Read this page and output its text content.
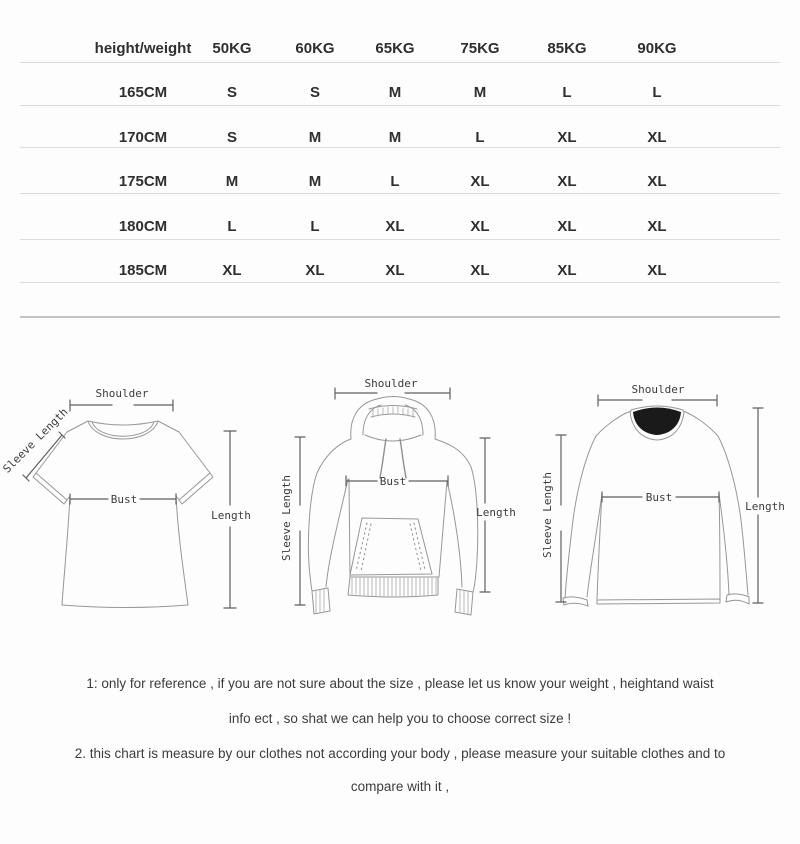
height/weight 50KG	60KG	65KG	75KG	85KG	90KG
165CM	S	S	M	M	L	L
170CM	S	M	M	L	XL	XL
175CM	M	M	L	XL	XL	XL
180CM	L	L	XL	XL	XL	XL
185CM	XL	XL	XL	XL	XL	XL
Shoulder
Sleeve Length
Bust
Length
Shoulder
Sleeve Length	Bust
Length
Shoulder
Sleeve Length	Bust
Length
1: only for reference , if you are not sure about the size , please let us know your weight , heightand waist
info ect , so shat we can help you to choose correct size !
2. this chart is measure by our clothes not according your body , please measure your suitable clothes and to
compare with it ,
